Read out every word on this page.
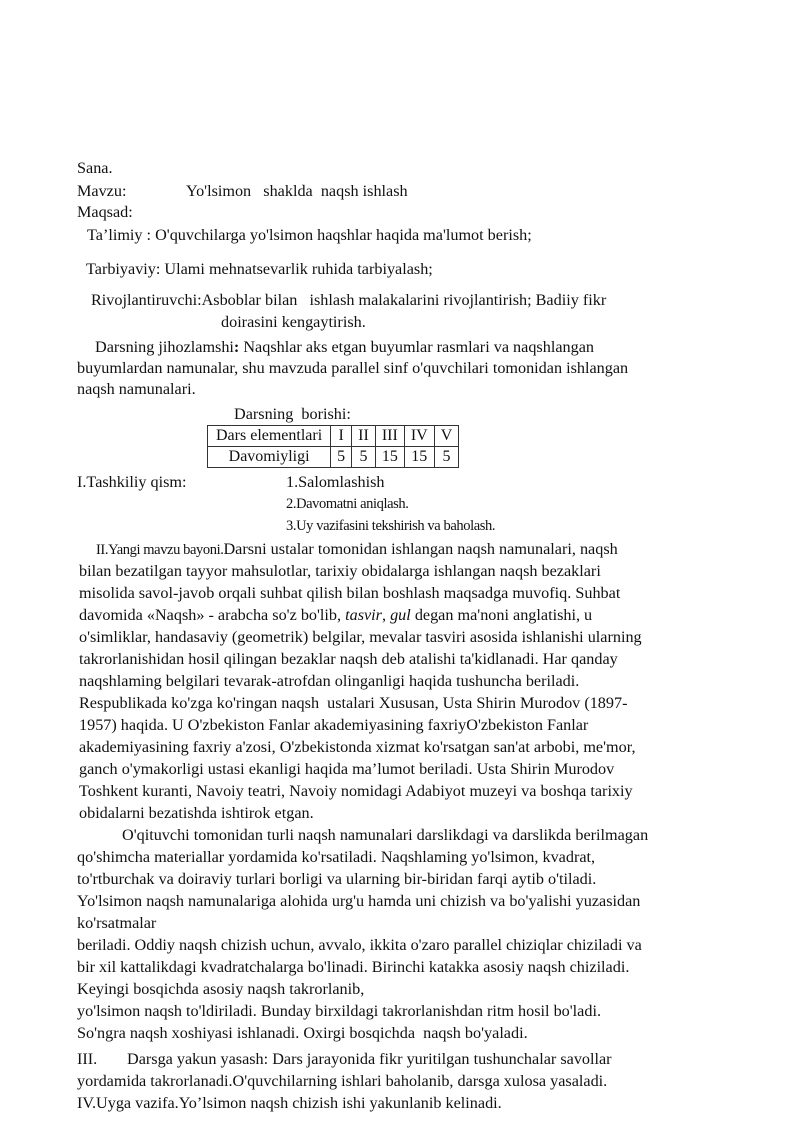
Sana.
Mavzu:	Yo'lsimon   shaklda  naqsh ishlash
Maqsad:
Ta’limiy : O'quvchilarga yo'lsimon haqshlar haqida ma'lumot berish;
Tarbiyaviy: Ulami mehnatsevarlik ruhida tarbiyalash;
Rivojlantiruvchi:Asboblar bilan   ishlash malakalarini rivojlantirish; Badiiy fikr
doirasini kengaytirish.
Darsning jihozlamshi: Naqshlar aks etgan buyumlar rasmlari va naqshlangan
buyumlardan namunalar, shu mavzuda parallel sinf o'quvchilari tomonidan ishlangan
naqsh namunalari.
Darsning  borishi:
Dars elementlari	I	II	III	IV	V
Davomiyligi	5	5	15	15	5
I.Tashkiliy qism:	1.Salomlashish
2.Davomatni aniqlash.
3.Uy vazifasini tekshirish va baholash.
II.Yangi mavzu bayoni.Darsni ustalar tomonidan ishlangan naqsh namunalari, naqsh
bilan bezatilgan tayyor mahsulotlar, tarixiy obidalarga ishlangan naqsh bezaklari
misolida savol-javob orqali suhbat qilish bilan boshlash maqsadga muvofiq. Suhbat
davomida «Naqsh» - arabcha so'z bo'lib, tasvir, gul degan ma'noni anglatishi, u
o'simliklar, handasaviy (geometrik) belgilar, mevalar tasviri asosida ishlanishi ularning
takrorlanishidan hosil qilingan bezaklar naqsh deb atalishi ta'kidlanadi. Har qanday
naqshlaming belgilari tevarak-atrofdan olinganligi haqida tushuncha beriladi.
Respublikada ko'zga ko'ringan naqsh  ustalari Xususan, Usta Shirin Murodov (1897-
1957) haqida. U O'zbekiston Fanlar akademiyasining faxriyO'zbekiston Fanlar
akademiyasining faxriy a'zosi, O'zbekistonda xizmat ko'rsatgan san'at arbobi, me'mor,
ganch o'ymakorligi ustasi ekanligi haqida ma’lumot beriladi. Usta Shirin Murodov
Toshkent kuranti, Navoiy teatri, Navoiy nomidagi Adabiyot muzeyi va boshqa tarixiy
obidalarni bezatishda ishtirok etgan.
O'qituvchi tomonidan turli naqsh namunalari darslikdagi va darslikda berilmagan
qo'shimcha materiallar yordamida ko'rsatiladi. Naqshlaming yo'lsimon, kvadrat,
to'rtburchak va doiraviy turlari borligi va ularning bir-biridan farqi aytib o'tiladi.
Yo'lsimon naqsh namunalariga alohida urg'u hamda uni chizish va bo'yalishi yuzasidan
ko'rsatmalar
beriladi. Oddiy naqsh chizish uchun, avvalo, ikkita o'zaro parallel chiziqlar chiziladi va
bir xil kattalikdagi kvadratchalarga bo'linadi. Birinchi katakka asosiy naqsh chiziladi.
Keyingi bosqichda asosiy naqsh takrorlanib,
yo'lsimon naqsh to'ldiriladi. Bunday birxildagi takrorlanishdan ritm hosil bo'ladi.
So'ngra naqsh xoshiyasi ishlanadi. Oxirgi bosqichda  naqsh bo'yaladi.
III. Darsga yakun yasash: Dars jarayonida fikr yuritilgan tushunchalar savollar
yordamida takrorlanadi.O'quvchilarning ishlari baholanib, darsga xulosa yasaladi.
IV.Uyga vazifa.Yo’lsimon naqsh chizish ishi yakunlanib kelinadi.
